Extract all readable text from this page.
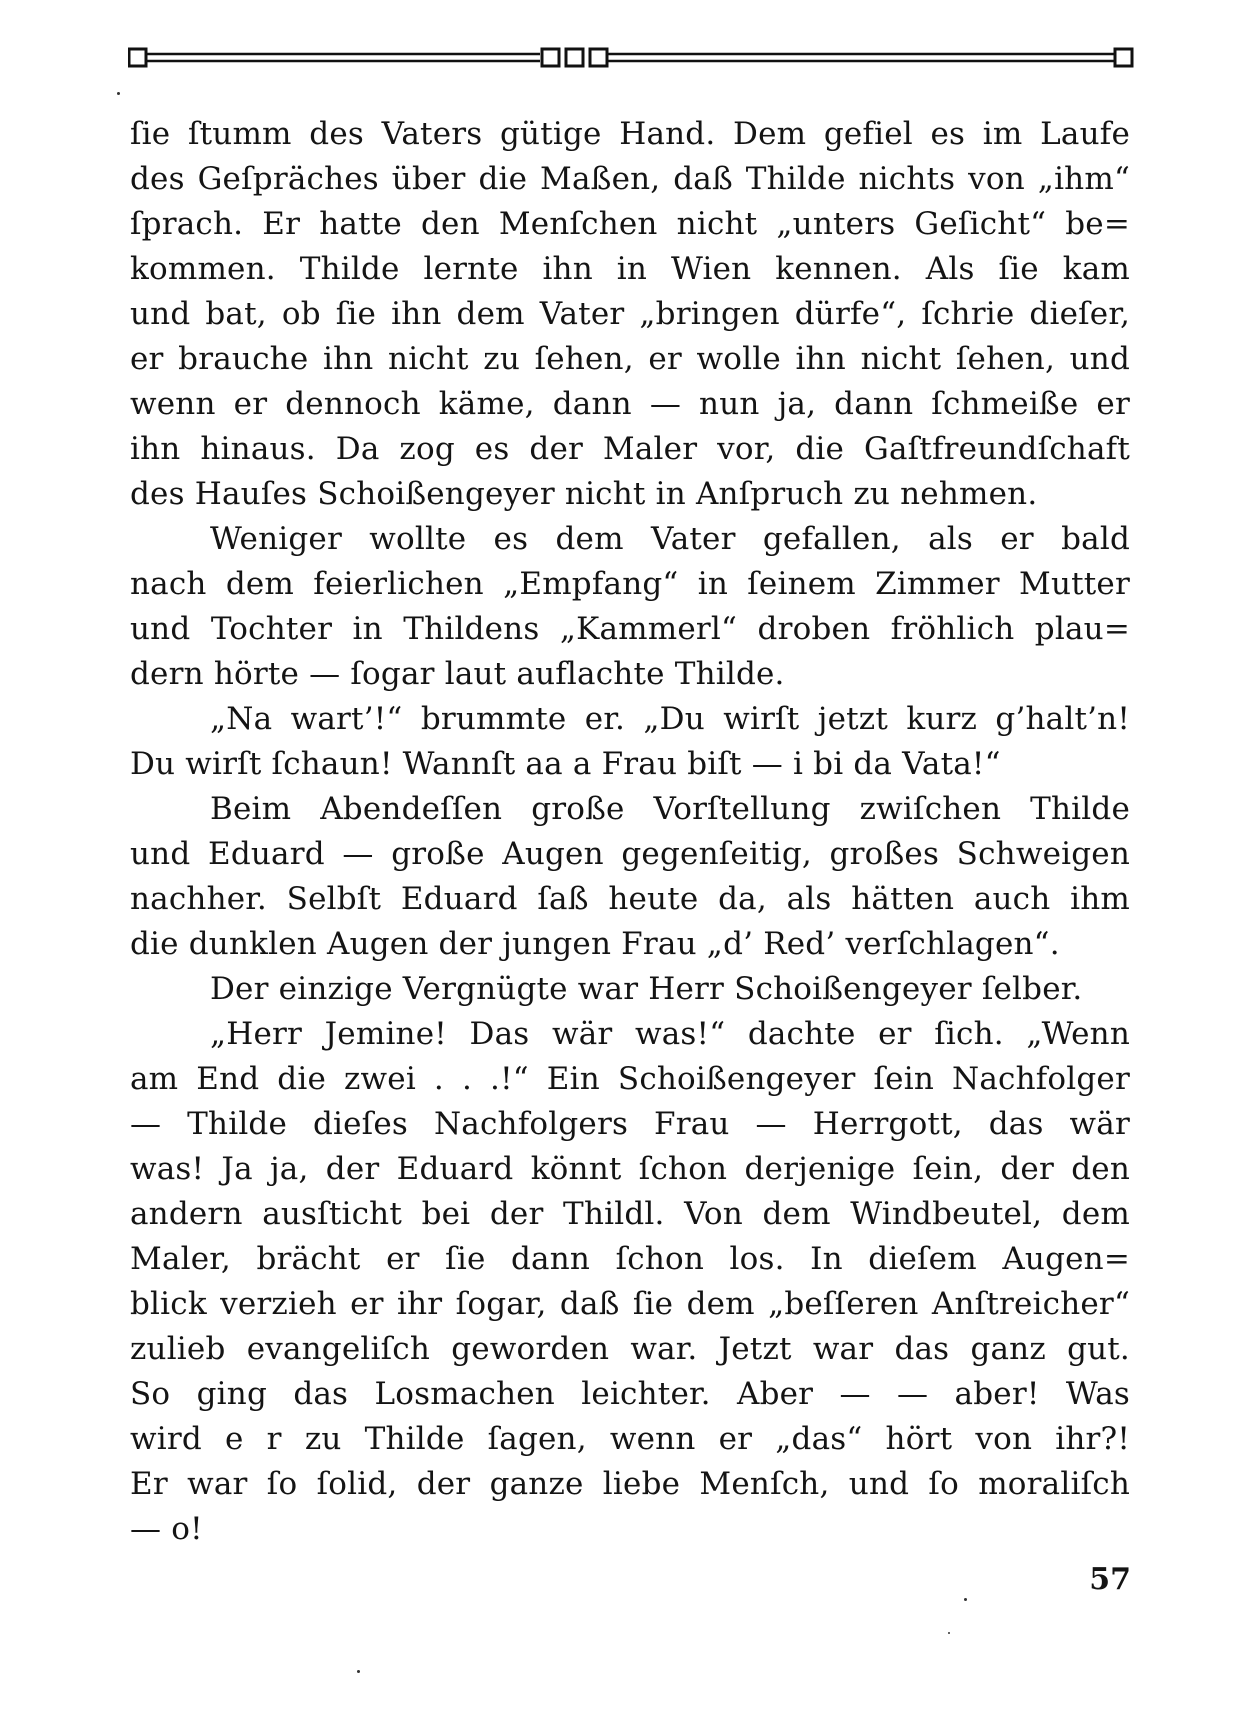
ſie ſtumm des Vaters gütige Hand. Dem gefiel es im Laufe
des Geſpräches über die Maßen, daß Thilde nichts von „ihm“
ſprach. Er hatte den Menſchen nicht „unters Geſicht“ be=
kommen. Thilde lernte ihn in Wien kennen. Als ſie kam
und bat, ob ſie ihn dem Vater „bringen dürfe“, ſchrie dieſer,
er brauche ihn nicht zu ſehen, er wolle ihn nicht ſehen, und
wenn er dennoch käme, dann — nun ja, dann ſchmeiße er
ihn hinaus. Da zog es der Maler vor, die Gaſtfreundſchaft
des Hauſes Schoißengeyer nicht in Anſpruch zu nehmen.
Weniger wollte es dem Vater gefallen, als er bald
nach dem feierlichen „Empfang“ in ſeinem Zimmer Mutter
und Tochter in Thildens „Kammerl“ droben fröhlich plau=
dern hörte — ſogar laut auflachte Thilde.
„Na wart’!“ brummte er. „Du wirſt jetzt kurz g’halt’n!
Du wirſt ſchaun! Wannſt aa a Frau biſt — i bi da Vata!“
Beim Abendeſſen große Vorſtellung zwiſchen Thilde
und Eduard — große Augen gegenſeitig, großes Schweigen
nachher. Selbſt Eduard ſaß heute da, als hätten auch ihm
die dunklen Augen der jungen Frau „d’ Red’ verſchlagen“.
Der einzige Vergnügte war Herr Schoißengeyer ſelber.
„Herr Jemine! Das wär was!“ dachte er ſich. „Wenn
am End die zwei . . .!“ Ein Schoißengeyer ſein Nachfolger
— Thilde dieſes Nachfolgers Frau — Herrgott, das wär
was! Ja ja, der Eduard könnt ſchon derjenige ſein, der den
andern ausſticht bei der Thildl. Von dem Windbeutel, dem
Maler, brächt er ſie dann ſchon los. In dieſem Augen=
blick verzieh er ihr ſogar, daß ſie dem „beſſeren Anſtreicher“
zulieb evangeliſch geworden war. Jetzt war das ganz gut.
So ging das Losmachen leichter. Aber — — aber! Was
wird e r zu Thilde ſagen, wenn er „das“ hört von ihr?!
Er war ſo ſolid, der ganze liebe Menſch, und ſo moraliſch
— o!
57
